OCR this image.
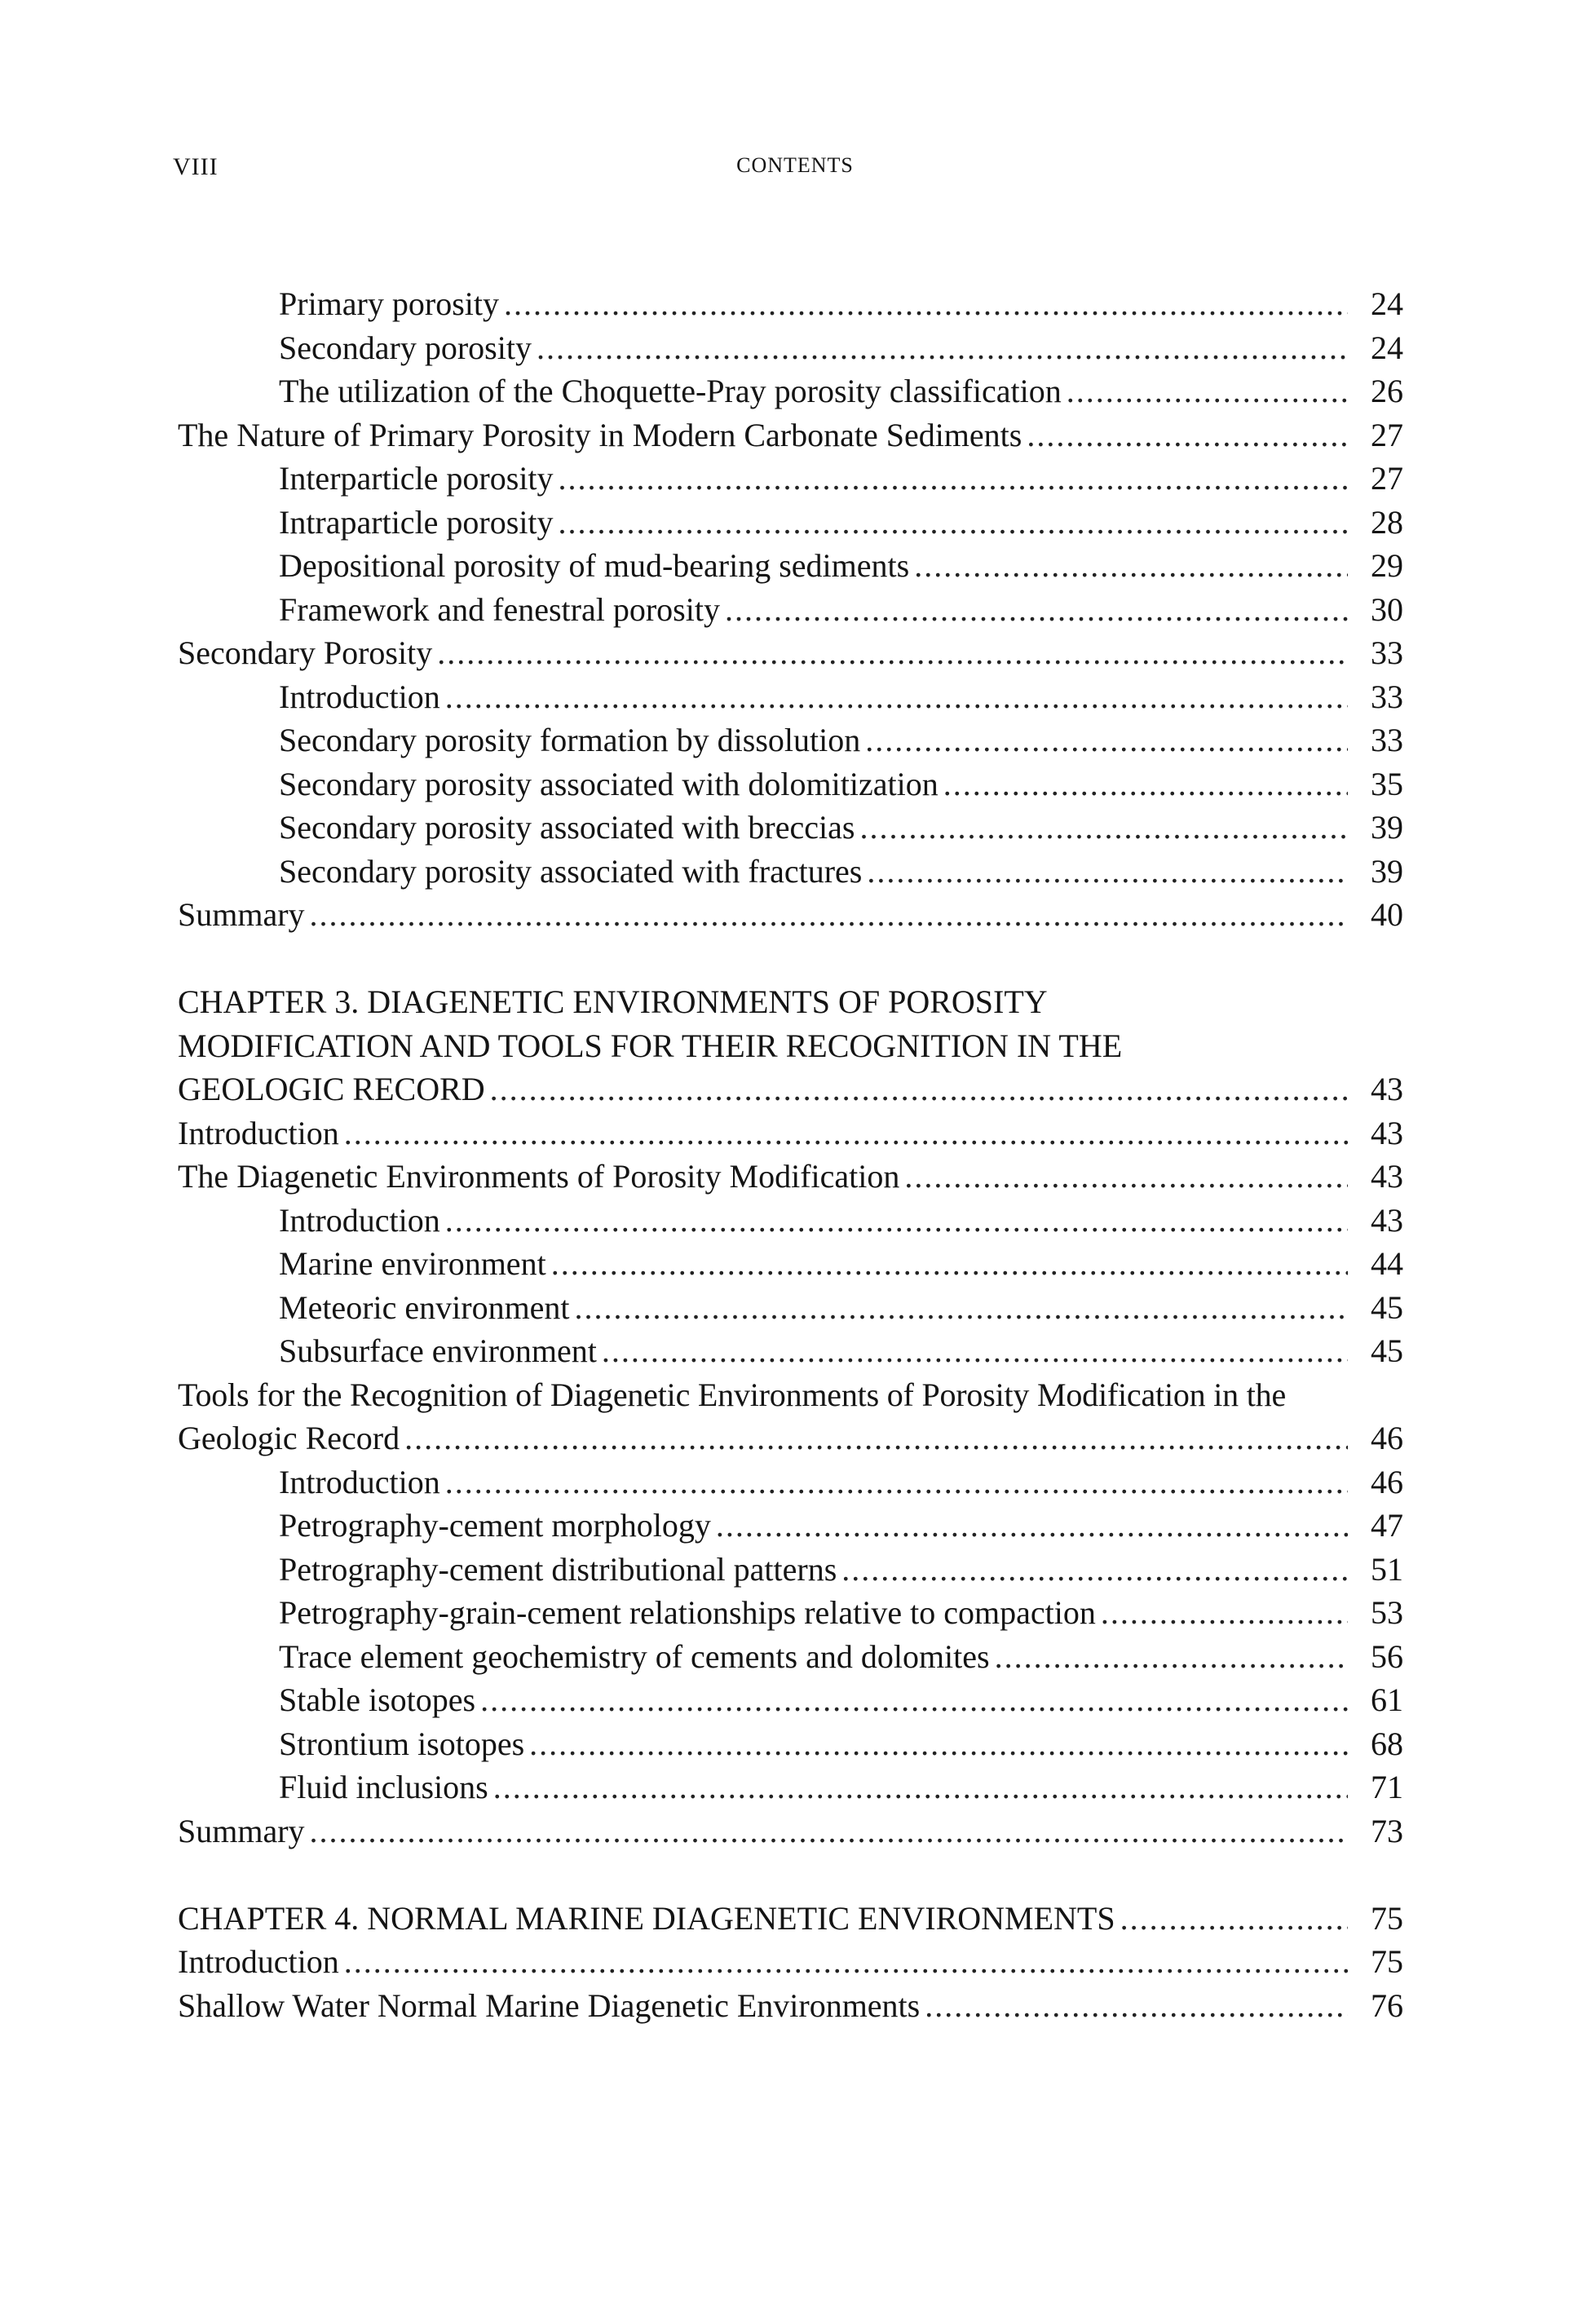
VIII	CONTENTS
Primary porosity .....	24
Secondary porosity .....	24
The utilization of the Choquette-Pray porosity classification .....	26
The Nature of Primary Porosity in Modern Carbonate Sediments .....	27
Interparticle porosity .....	27
Intraparticle porosity .....	28
Depositional porosity of mud-bearing sediments .....	29
Framework and fenestral porosity .....	30
Secondary Porosity .....	33
Introduction .....	33
Secondary porosity formation by dissolution .....	33
Secondary porosity associated with dolomitization .....	35
Secondary porosity associated with breccias .....	39
Secondary porosity associated with fractures .....	39
Summary .....	40
CHAPTER 3. DIAGENETIC ENVIRONMENTS OF POROSITY
MODIFICATION AND TOOLS FOR THEIR RECOGNITION IN THE
GEOLOGIC RECORD .....	43
Introduction .....	43
The Diagenetic Environments of Porosity Modification .....	43
Introduction .....	43
Marine environment .....	44
Meteoric environment .....	45
Subsurface environment .....	45
Tools for the Recognition of Diagenetic Environments of Porosity Modification in the
Geologic Record .....	46
Introduction .....	46
Petrography-cement morphology .....	47
Petrography-cement distributional patterns .....	51
Petrography-grain-cement relationships relative to compaction .....	53
Trace element geochemistry of cements and dolomites .....	56
Stable isotopes .....	61
Strontium isotopes .....	68
Fluid inclusions .....	71
Summary .....	73
CHAPTER 4. NORMAL MARINE DIAGENETIC ENVIRONMENTS .....	75
Introduction .....	75
Shallow Water Normal Marine Diagenetic Environments .....	76
